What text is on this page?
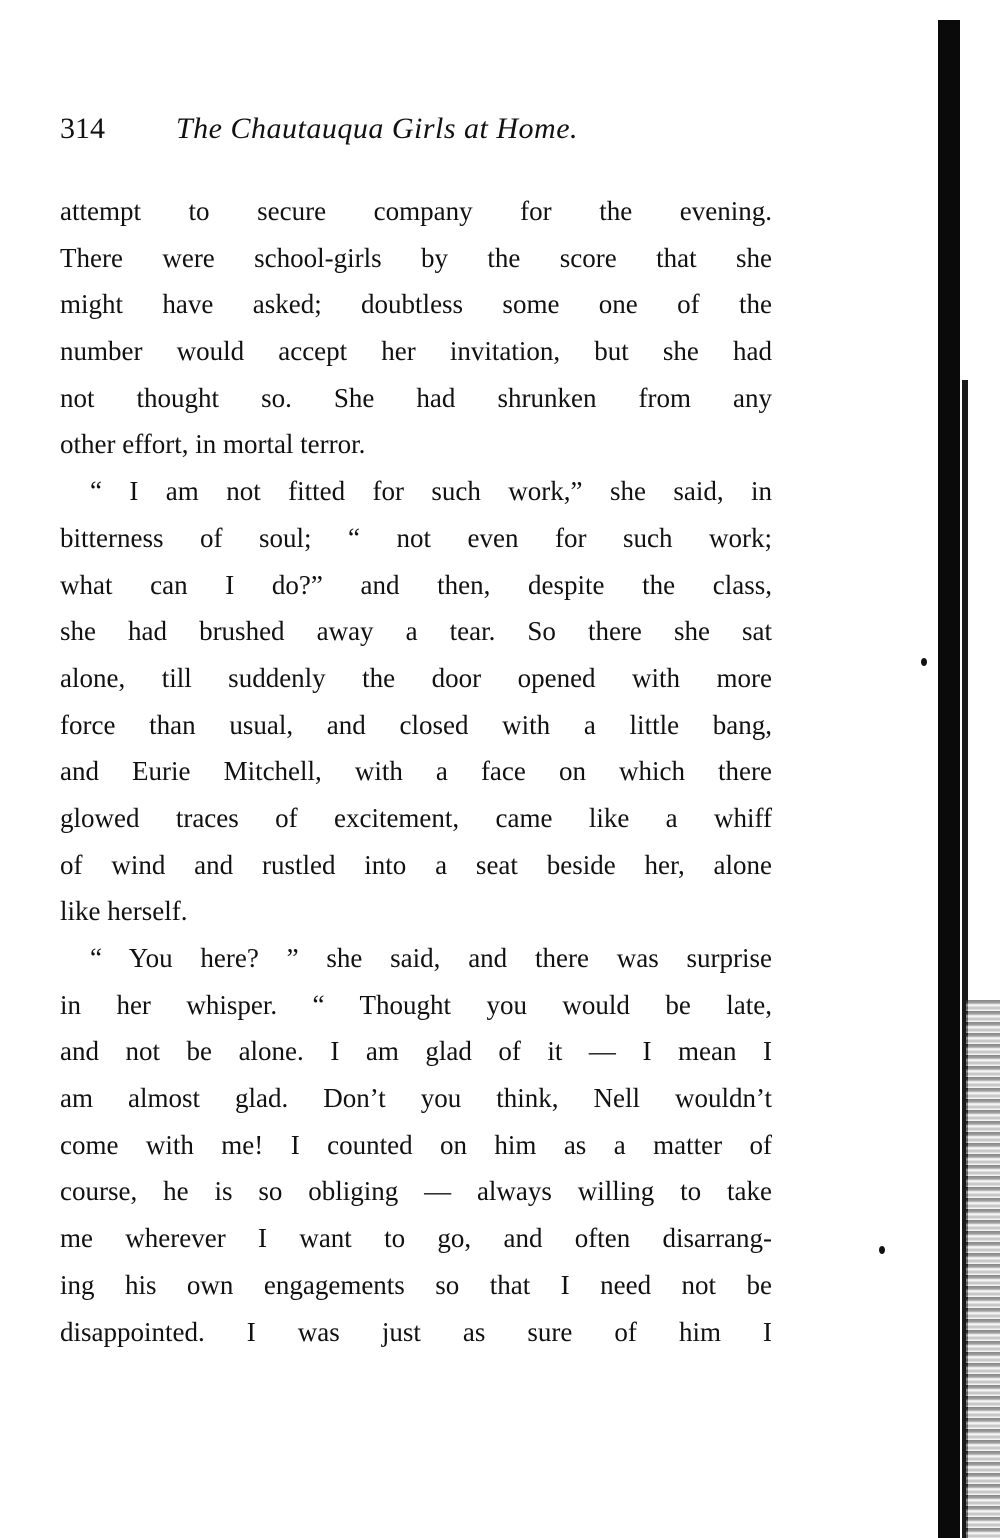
314 The Chautauqua Girls at Home.
attempt to secure company for the evening.
There were school-girls by the score that she
might have asked; doubtless some one of the
number would accept her invitation, but she had
not thought so. She had shrunken from any
other effort, in mortal terror.
“ I am not fitted for such work,” she said, in
bitterness of soul; “ not even for such work;
what can I do?” and then, despite the class,
she had brushed away a tear. So there she sat
alone, till suddenly the door opened with more
force than usual, and closed with a little bang,
and Eurie Mitchell, with a face on which there
glowed traces of excitement, came like a whiff
of wind and rustled into a seat beside her, alone
like herself.
“ You here? ” she said, and there was surprise
in her whisper. “ Thought you would be late,
and not be alone. I am glad of it — I mean I
am almost glad. Don’t you think, Nell wouldn’t
come with me! I counted on him as a matter of
course, he is so obliging — always willing to take
me wherever I want to go, and often disarrang-
ing his own engagements so that I need not be
disappointed. I was just as sure of him I
